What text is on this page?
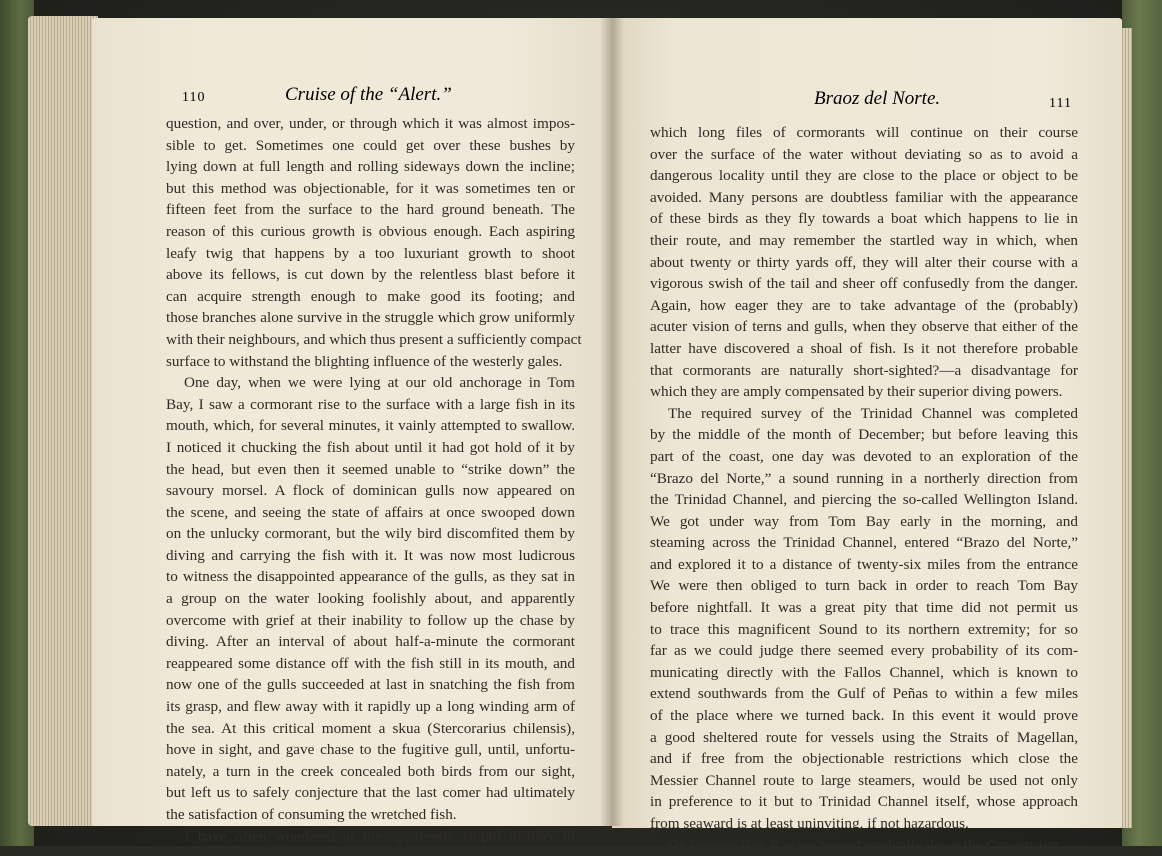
110	Cruise of the “Alert.”	Braoz del Norte.	111
question, and over, under, or through which it was almost impos-
sible to get. Sometimes one could get over these bushes by
lying down at full length and rolling sideways down the incline;
but this method was objectionable, for it was sometimes ten or
fifteen feet from the surface to the hard ground beneath. The
reason of this curious growth is obvious enough. Each aspiring
leafy twig that happens by a too luxuriant growth to shoot
above its fellows, is cut down by the relentless blast before it
can acquire strength enough to make good its footing; and
those branches alone survive in the struggle which grow uniformly
with their neighbours, and which thus present a sufficiently compact
surface to withstand the blighting influence of the westerly gales.
One day, when we were lying at our old anchorage in Tom
Bay, I saw a cormorant rise to the surface with a large fish in its
mouth, which, for several minutes, it vainly attempted to swallow.
I noticed it chucking the fish about until it had got hold of it by
the head, but even then it seemed unable to “strike down” the
savoury morsel. A flock of dominican gulls now appeared on
the scene, and seeing the state of affairs at once swooped down
on the unlucky cormorant, but the wily bird discomfited them by
diving and carrying the fish with it. It was now most ludicrous
to witness the disappointed appearance of the gulls, as they sat in
a group on the water looking foolishly about, and apparently
overcome with grief at their inability to follow up the chase by
diving. After an interval of about half-a-minute the cormorant
reappeared some distance off with the fish still in its mouth, and
now one of the gulls succeeded at last in snatching the fish from
its grasp, and flew away with it rapidly up a long winding arm of
the sea. At this critical moment a skua (Stercorarius chilensis),
hove in sight, and gave chase to the fugitive gull, until, unfortu-
nately, a turn in the creek concealed both birds from our sight,
but left us to safely conjecture that the last comer had ultimately
the satisfaction of consuming the wretched fish.
I have often wondered at the apparently stupid manner in
which long files of cormorants will continue on their course
over the surface of the water without deviating so as to avoid a
dangerous locality until they are close to the place or object to be
avoided. Many persons are doubtless familiar with the appearance
of these birds as they fly towards a boat which happens to lie in
their route, and may remember the startled way in which, when
about twenty or thirty yards off, they will alter their course with a
vigorous swish of the tail and sheer off confusedly from the danger.
Again, how eager they are to take advantage of the (probably)
acuter vision of terns and gulls, when they observe that either of the
latter have discovered a shoal of fish. Is it not therefore probable
that cormorants are naturally short-sighted?—a disadvantage for
which they are amply compensated by their superior diving powers.
The required survey of the Trinidad Channel was completed
by the middle of the month of December; but before leaving this
part of the coast, one day was devoted to an exploration of the
“Brazo del Norte,” a sound running in a northerly direction from
the Trinidad Channel, and piercing the so-called Wellington Island.
We got under way from Tom Bay early in the morning, and
steaming across the Trinidad Channel, entered “Brazo del Norte,”
and explored it to a distance of twenty-six miles from the entrance
We were then obliged to turn back in order to reach Tom Bay
before nightfall. It was a great pity that time did not permit us
to trace this magnificent Sound to its northern extremity; for so
far as we could judge there seemed every probability of its com-
municating directly with the Fallos Channel, which is known to
extend southwards from the Gulf of Peñas to within a few miles
of the place where we turned back. In this event it would prove
a good sheltered route for vessels using the Straits of Magellan,
and if free from the objectionable restrictions which close the
Messier Channel route to large steamers, would be used not only
in preference to it but to Trinidad Channel itself, whose approach
from seaward is at least uninviting, if not hazardous.
On leaving Tom Bay we moved gradually down the Concepcion
